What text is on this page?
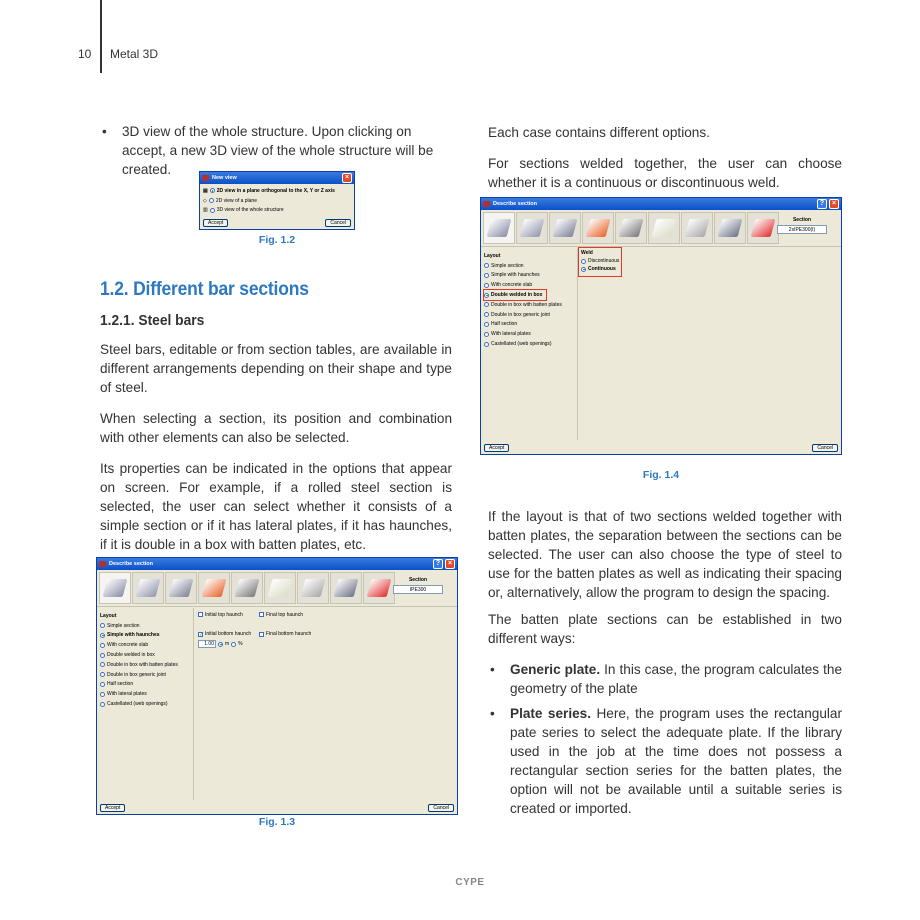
10 Metal 3D
• 3D view of the whole structure. Upon clicking on accept, a new 3D view of the whole structure will be created.
New view	×
▤ 2D view in a plane orthogonal to the X, Y or Z axis
◇ 2D view of a plane
▥ 3D view of the whole structure
Accept	Cancel
Fig. 1.2
1.2. Different bar sections
1.2.1. Steel bars

Steel bars, editable or from section tables, are available in different arrangements depending on their shape and type of steel.

When selecting a section, its position and combination with other elements can also be selected.

Its properties can be indicated in the options that appear on screen. For example, if a rolled steel section is selected, the user can select whether it consists of a simple section or if it has lateral plates, if it has haunches, if it is double in a box with batten plates, etc.

Describe section	?	×
Section
IPE300
Layout
Simple section
Simple with haunches
With concrete slab
Double welded in box
Double in box with batten plates
Double in box generic joint
Half section
With lateral plates
Castellated (web openings)
Initial top haunch	Final top haunch
✓ Initial bottom haunch	Final bottom haunch
1.00	m %
Accept	Cancel
Fig. 1.3

Each case contains different options.

For sections welded together, the user can choose whether it is a continuous or discontinuous weld.

Describe section	?	×
Section
2xIPE300(I)
Layout
Simple section
Simple with haunches
With concrete slab
Double welded in box
Double in box with batten plates
Double in box generic joint
Half section
With lateral plates
Castellated (web openings)
Weld
Discontinuous
Continuous
Accept	Cancel
Fig. 1.4

If the layout is that of two sections welded together with batten plates, the separation between the sections can be selected. The user can also choose the type of steel to use for the batten plates as well as indicating their spacing or, alternatively, allow the program to design the spacing.

The batten plate sections can be established in two different ways:

• Generic plate. In this case, the program calculates the geometry of the plate
• Plate series. Here, the program uses the rectangular pate series to select the adequate plate. If the library used in the job at the time does not possess a rectangular section series for the batten plates, the option will not be available until a suitable series is created or imported.
CYPE
